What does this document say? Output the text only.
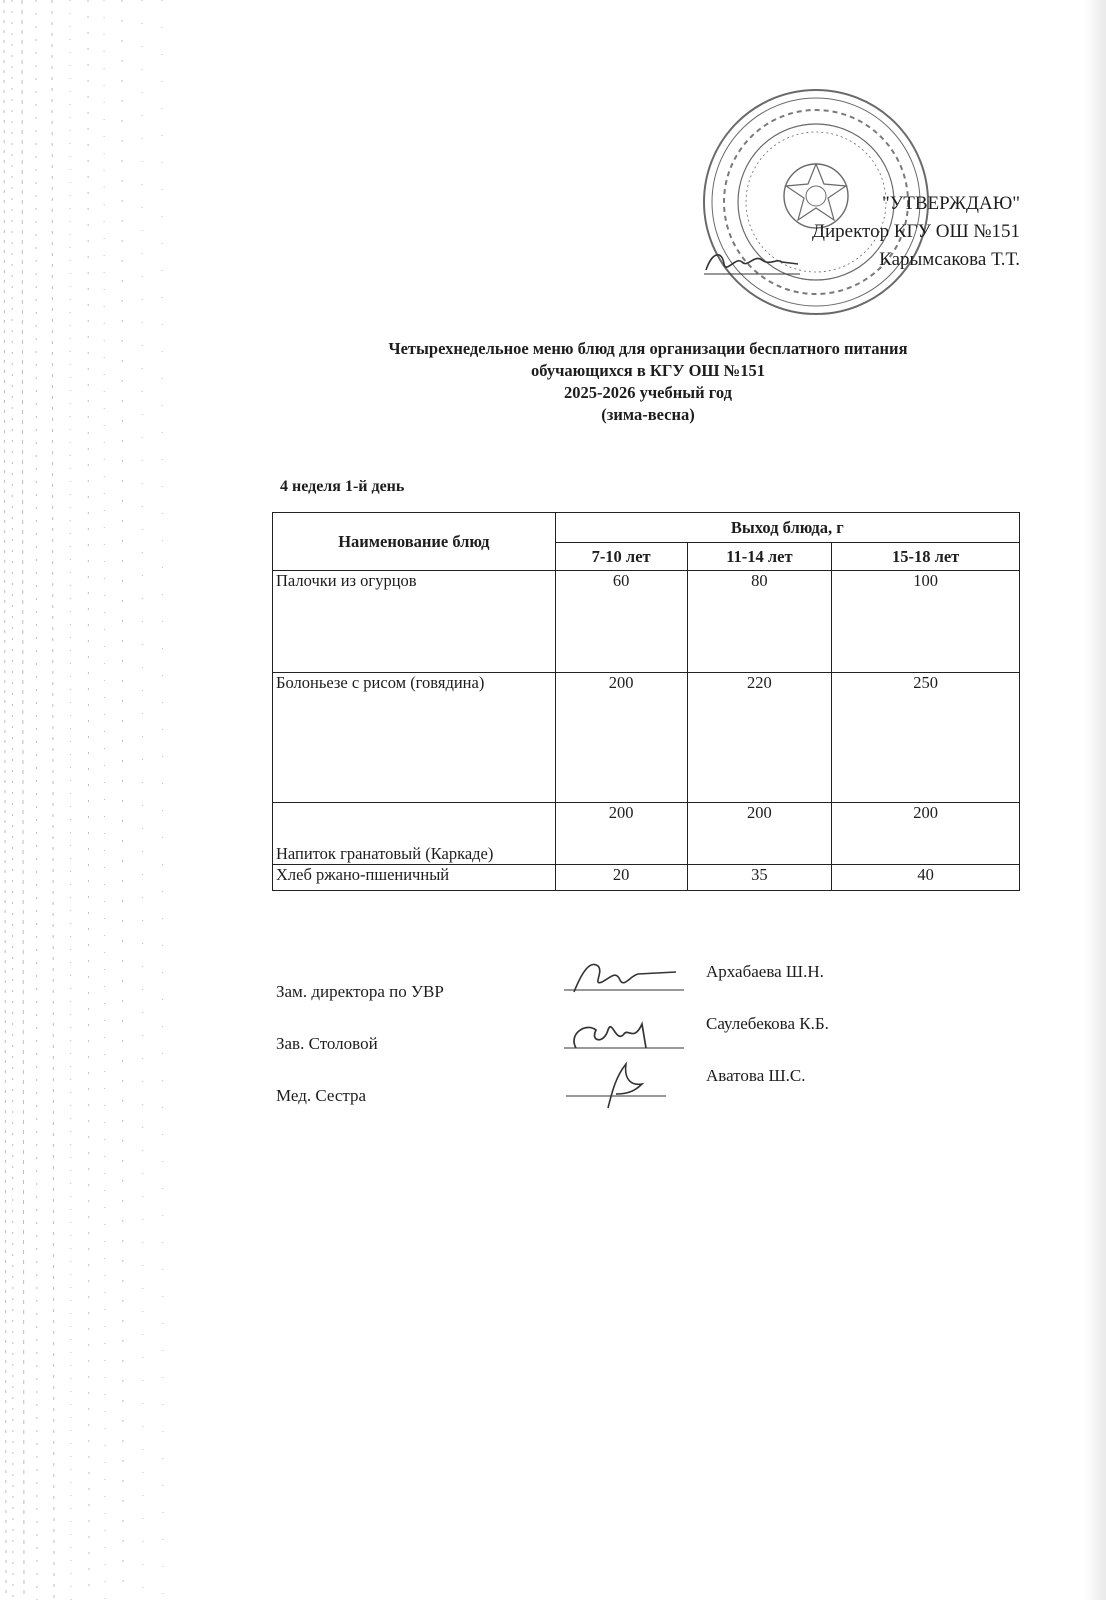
"УТВЕРЖДАЮ"
Директор КГУ ОШ №151
Карымсакова Т.Т.
Четырехнедельное меню блюд для организации бесплатного питания
обучающихся в КГУ ОШ №151
2025-2026 учебный год
(зима-весна)
4 неделя 1-й день
Наименование блюд	Выход блюда, г		
	7-10 лет	11-14 лет	15-18 лет
Палочки из огурцов	60	80	100
Болоньезе с рисом (говядина)	200	220	250
Напиток гранатовый (Каркаде)	200	200	200
Хлеб ржано-пшеничный	20	35	40
Зам. директора по УВР
Архабаева Ш.Н.
Зав. Столовой
Саулебекова К.Б.
Мед. Сестра
Аватова Ш.С.
